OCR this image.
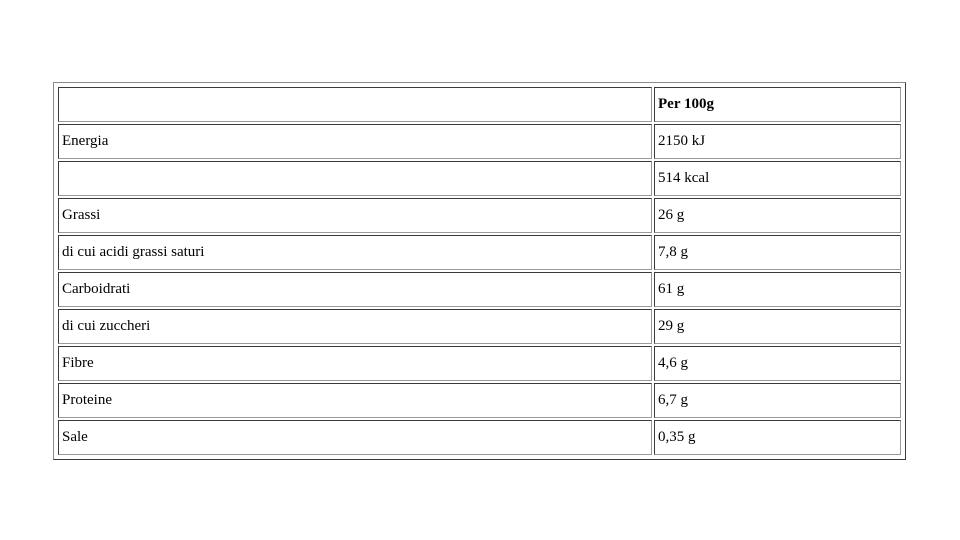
	Per 100g
Energia	2150 kJ
	514 kcal
Grassi	26 g
di cui acidi grassi saturi	7,8 g
Carboidrati	61 g
di cui zuccheri	29 g
Fibre	4,6 g
Proteine	6,7 g
Sale	0,35 g
